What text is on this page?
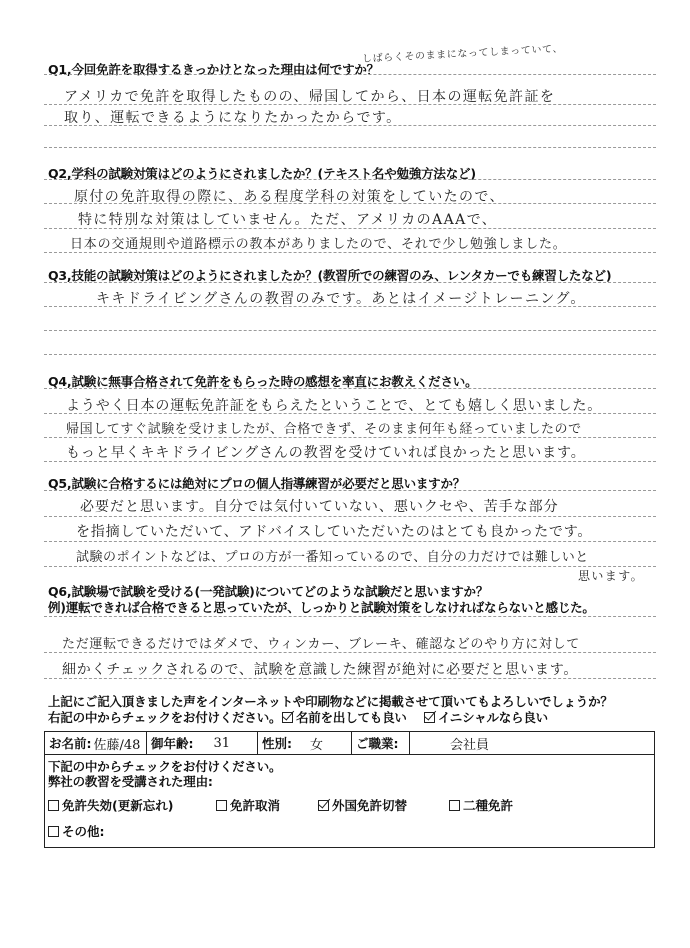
Q1,今回免許を取得するきっかけとなった理由は何ですか？
しばらくそのままになってしまっていて、
アメリカで免許を取得したものの、帰国してから、日本の運転免許証を
取り、運転できるようになりたかったからです。
Q2,学科の試験対策はどのようにされましたか？(テキスト名や勉強方法など)
原付の免許取得の際に、ある程度学科の対策をしていたので、
特に特別な対策はしていません。ただ、アメリカのAAAで、
日本の交通規則や道路標示の教本がありましたので、それで少し勉強しました。
Q3,技能の試験対策はどのようにされましたか？(教習所での練習のみ、レンタカーでも練習したなど)
キキドライビングさんの教習のみです。あとはイメージトレーニング。
Q4,試験に無事合格されて免許をもらった時の感想を率直にお教えください。
ようやく日本の運転免許証をもらえたということで、とても嬉しく思いました。
帰国してすぐ試験を受けましたが、合格できず、そのまま何年も経っていましたので
もっと早くキキドライビングさんの教習を受けていれば良かったと思います。
Q5,試験に合格するには絶対にプロの個人指導練習が必要だと思いますか？
必要だと思います。自分では気付いていない、悪いクセや、苦手な部分
を指摘していただいて、アドバイスしていただいたのはとても良かったです。
試験のポイントなどは、プロの方が一番知っているので、自分の力だけでは難しいと
思います。
Q6,試験場で試験を受ける(一発試験)についてどのような試験だと思いますか？
例)運転できれば合格できると思っていたが、しっかりと試験対策をしなければならないと感じた。
ただ運転できるだけではダメで、ウィンカー、ブレーキ、確認などのやり方に対して
細かくチェックされるので、試験を意識した練習が絶対に必要だと思います。
上記にご記入頂きました声をインターネットや印刷物などに掲載させて頂いてもよろしいでしょうか？
右記の中からチェックをお付けください。	名前を出しても良い	イニシャルなら良い
お名前: 佐藤/48 御年齢:	31	性別:	女	ご職業:	会社員
下記の中からチェックをお付けください。
弊社の教習を受講された理由:
免許失効(更新忘れ)	免許取消	外国免許切替	二種免許
その他:
